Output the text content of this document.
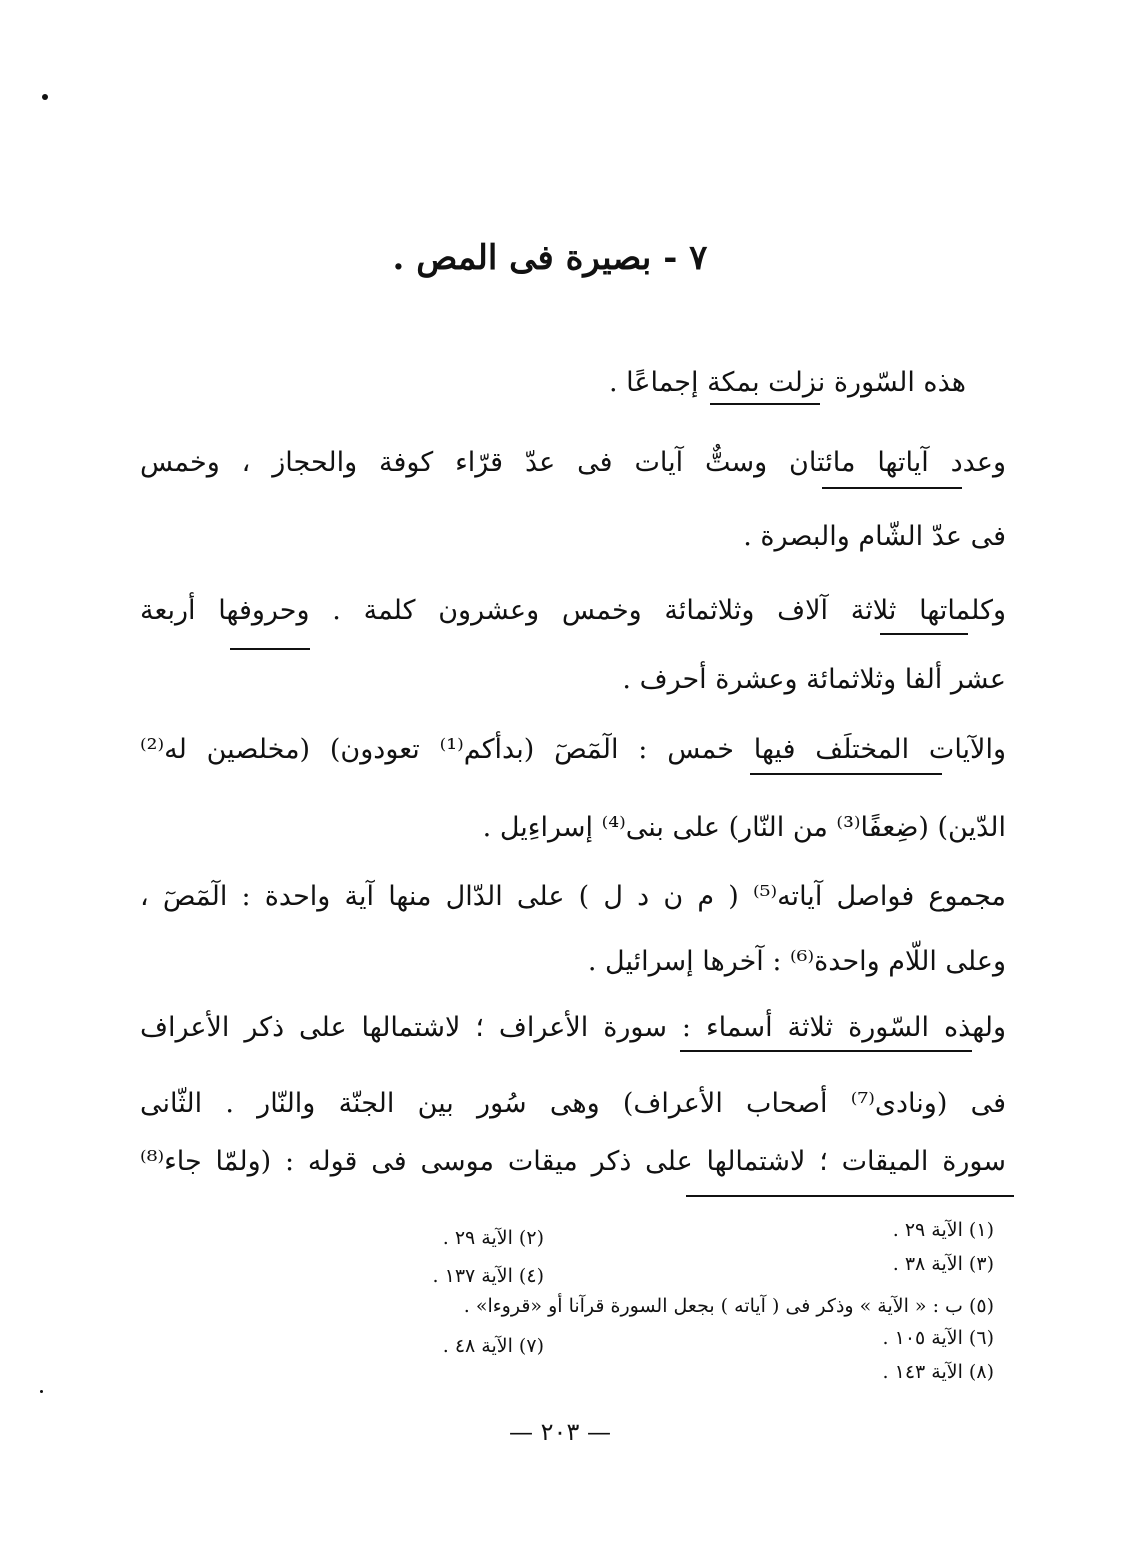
٧ - بصيرة فى المص .
هذه السّورة نزلت بمكة إجماعًا .
وعدد آياتها مائتان وستٌّ آيات فى عدّ قرّاء كوفة والحجاز ، وخمس
فى عدّ الشّام والبصرة .
وكلماتها ثلاثة آلاف وثلاثمائة وخمس وعشرون كلمة . وحروفها أربعة
عشر ألفا وثلاثمائة وعشرة أحرف .
والآيات المختلَف فيها خمس : الٓمٓصٓ (بدأكم⁽¹⁾ تعودون) (مخلصين له⁽²⁾
الدّين) (ضِعفًا⁽³⁾ من النّار) على بنى⁽⁴⁾ إسراءِيل .
مجموع فواصل آياته⁽⁵⁾ ( م ن د ل ) على الدّال منها آية واحدة : الٓمٓصٓ ،
وعلى اللّام واحدة⁽⁶⁾ : آخرها إسرائيل .
ولهذه السّورة ثلاثة أسماء : سورة الأعراف ؛ لاشتمالها على ذكر الأعراف
فى (ونادى⁽⁷⁾ أصحاب الأعراف) وهى سُور بين الجنّة والنّار . الثّانى
سورة الميقات ؛ لاشتمالها على ذكر ميقات موسى فى قوله : (ولمّا جاء⁽⁸⁾
(١) الآية ٢٩ .
(٢) الآية ٢٩ .
(٣) الآية ٣٨ .
(٤) الآية ١٣٧ .
(٥) ب : « الآية » وذكر فى ( آياته ) بجعل السورة قرآنا أو «قروءا» .
(٦) الآية ١٠٥ .
(٧) الآية ٤٨ .
(٨) الآية ١٤٣ .
— ٢٠٣ —
